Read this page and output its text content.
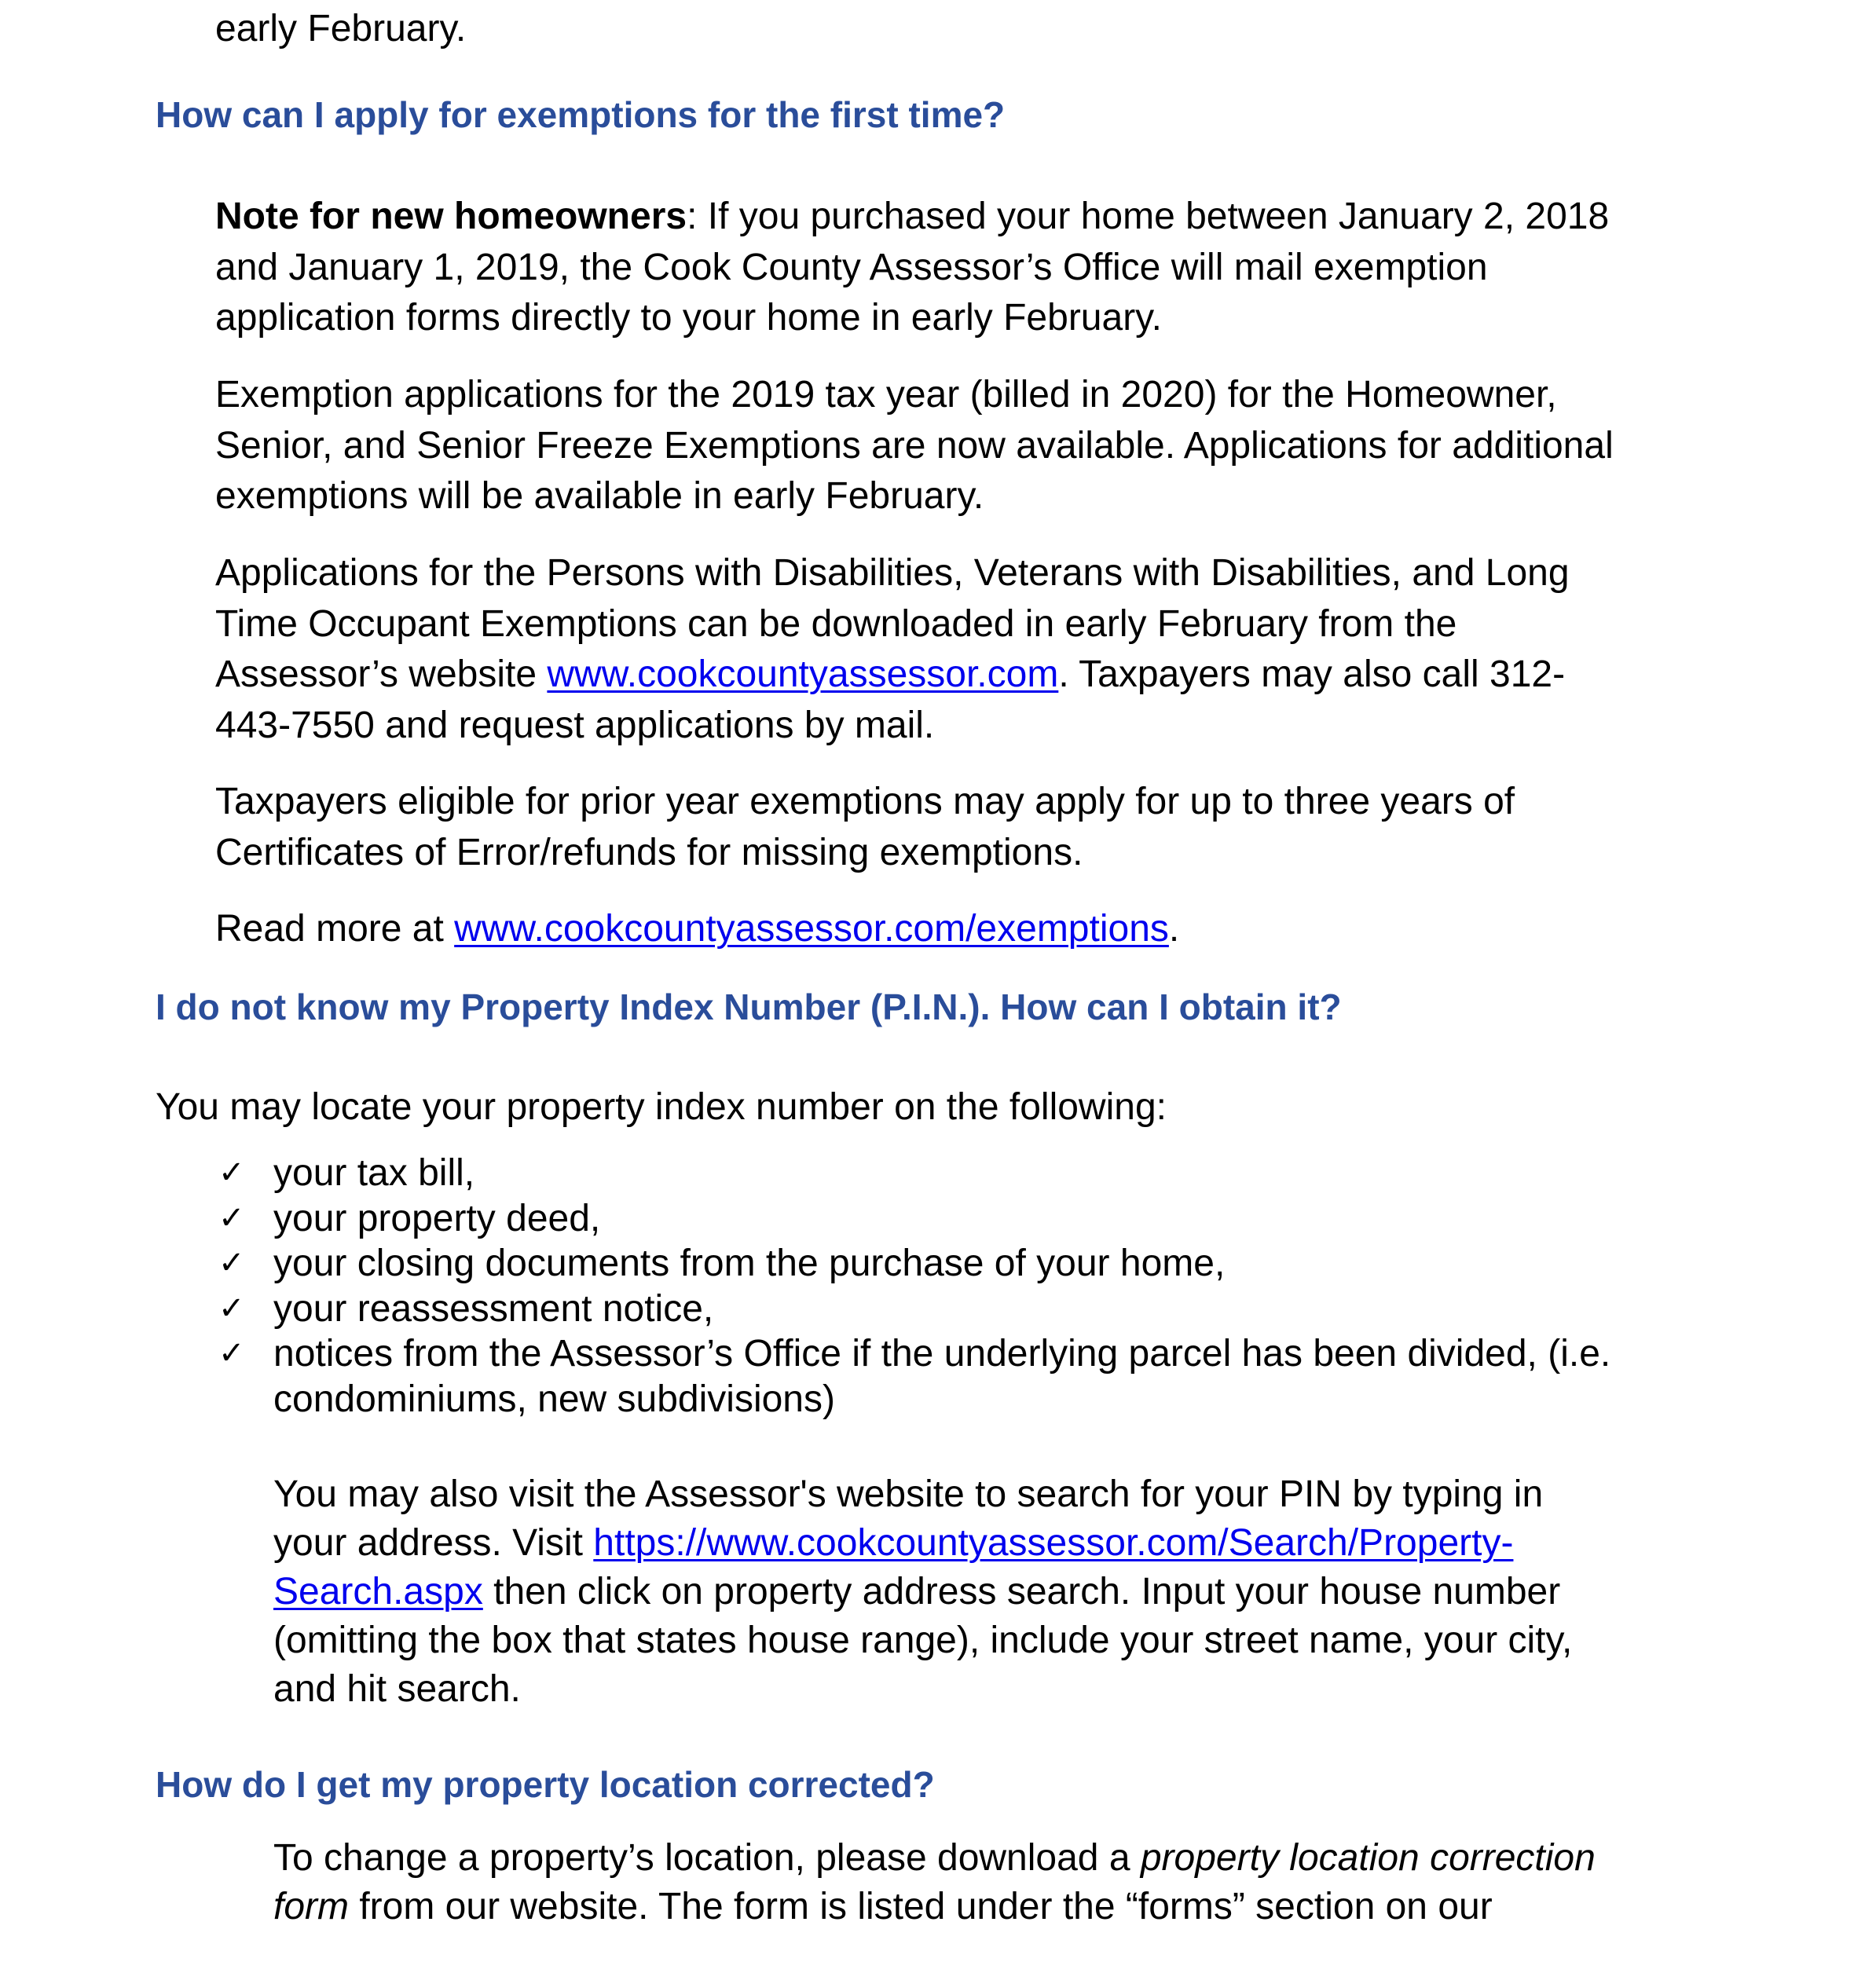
early February.

How can I apply for exemptions for the first time?

Note for new homeowners: If you purchased your home between January 2, 2018
and January 1, 2019, the Cook County Assessor’s Office will mail exemption
application forms directly to your home in early February.

Exemption applications for the 2019 tax year (billed in 2020) for the Homeowner,
Senior, and Senior Freeze Exemptions are now available. Applications for additional
exemptions will be available in early February.

Applications for the Persons with Disabilities, Veterans with Disabilities, and Long
Time Occupant Exemptions can be downloaded in early February from the
Assessor’s website www.cookcountyassessor.com. Taxpayers may also call 312-
443-7550 and request applications by mail.

Taxpayers eligible for prior year exemptions may apply for up to three years of
Certificates of Error/refunds for missing exemptions.

Read more at www.cookcountyassessor.com/exemptions.

I do not know my Property Index Number (P.I.N.). How can I obtain it?

You may locate your property index number on the following:

✓ your tax bill,
✓ your property deed,
✓ your closing documents from the purchase of your home,
✓ your reassessment notice,
✓ notices from the Assessor’s Office if the underlying parcel has been divided, (i.e.
condominiums, new subdivisions)

You may also visit the Assessor's website to search for your PIN by typing in
your address. Visit https://www.cookcountyassessor.com/Search/Property-
Search.aspx then click on property address search. Input your house number
(omitting the box that states house range), include your street name, your city,
and hit search.

How do I get my property location corrected?

To change a property’s location, please download a property location correction
form from our website. The form is listed under the “forms” section on our
